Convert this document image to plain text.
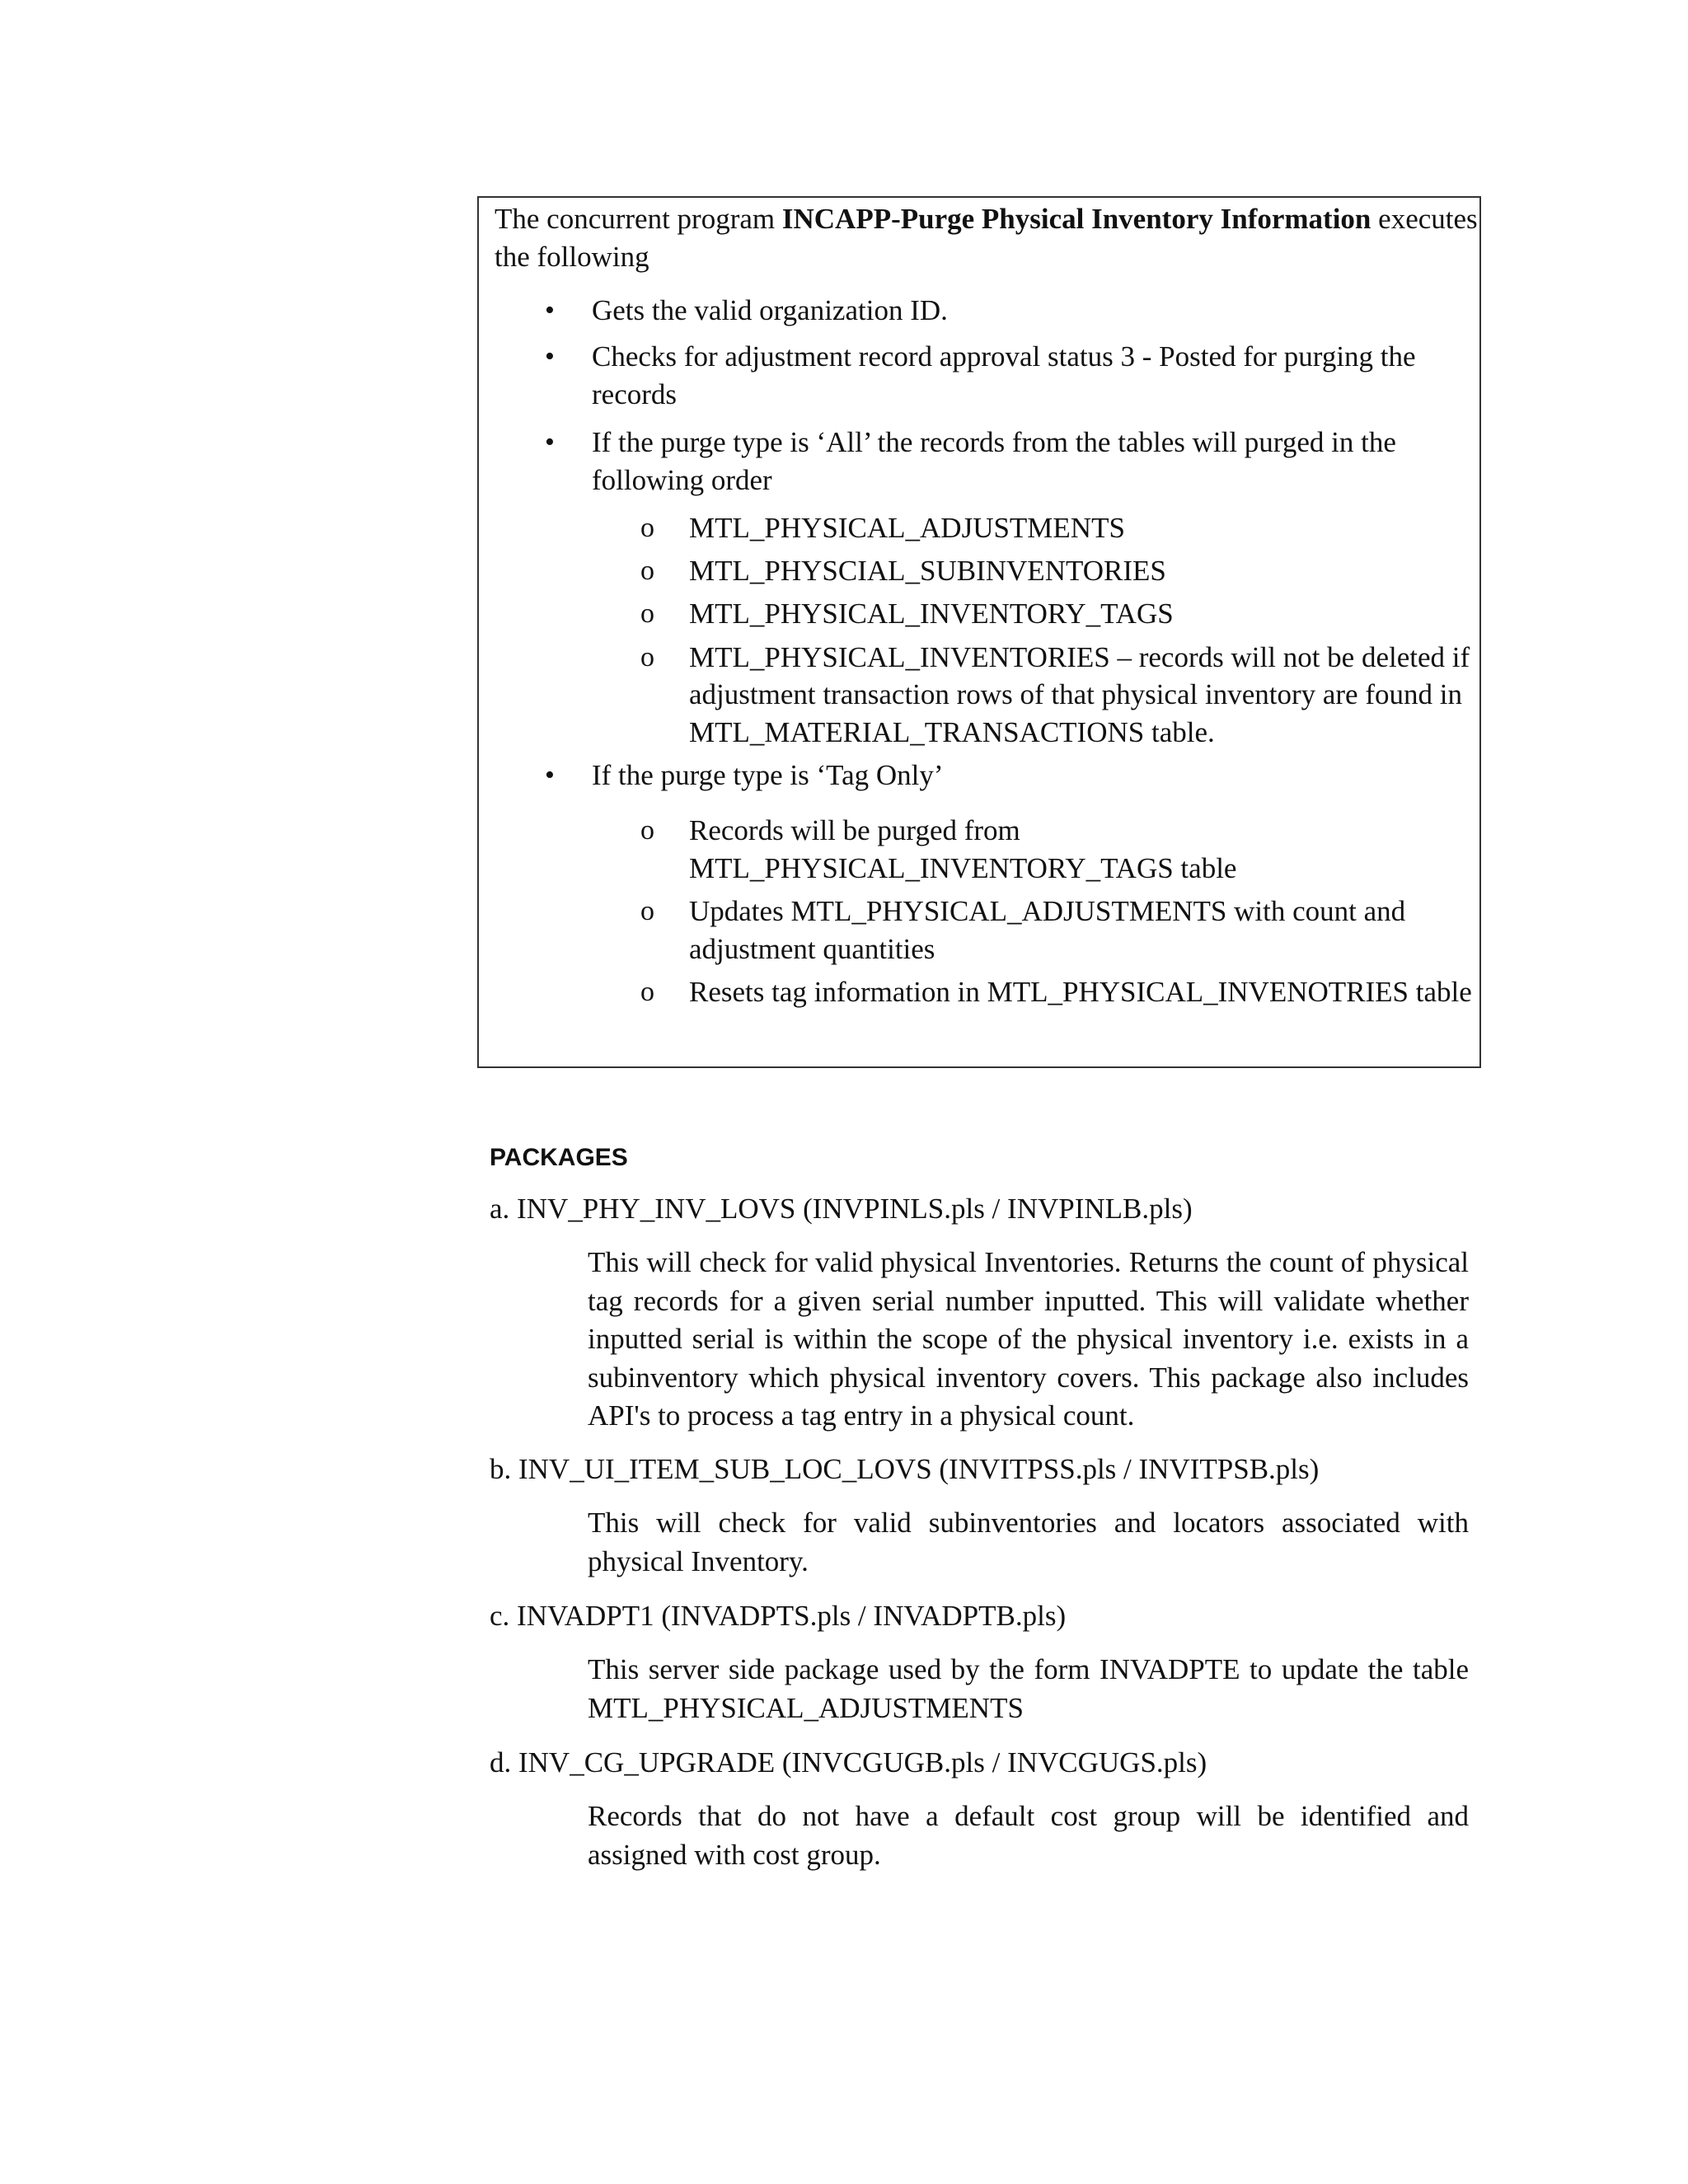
The concurrent program INCAPP-Purge Physical Inventory Information executes
the following
• Gets the valid organization ID.
• Checks for adjustment record approval status 3 - Posted for purging the
records
• If the purge type is ‘All’ the records from the tables will purged in the
following order
o MTL_PHYSICAL_ADJUSTMENTS
o MTL_PHYSCIAL_SUBINVENTORIES
o MTL_PHYSICAL_INVENTORY_TAGS
o MTL_PHYSICAL_INVENTORIES – records will not be deleted if
adjustment transaction rows of that physical inventory are found in
MTL_MATERIAL_TRANSACTIONS table.
• If the purge type is ‘Tag Only’
o Records will be purged from
MTL_PHYSICAL_INVENTORY_TAGS table
o Updates MTL_PHYSICAL_ADJUSTMENTS with count and
adjustment quantities
o Resets tag information in MTL_PHYSICAL_INVENOTRIES table
PACKAGES
a. INV_PHY_INV_LOVS (INVPINLS.pls / INVPINLB.pls)
This will check for valid physical Inventories. Returns the count of physical tag records for a given serial number inputted. This will validate whether inputted serial is within the scope of the physical inventory i.e. exists in a subinventory which physical inventory covers. This package also includes API's to process a tag entry in a physical count.
b. INV_UI_ITEM_SUB_LOC_LOVS (INVITPSS.pls / INVITPSB.pls)
This will check for valid subinventories and locators associated with physical Inventory.
c. INVADPT1 (INVADPTS.pls / INVADPTB.pls)
This server side package used by the form INVADPTE to update the table MTL_PHYSICAL_ADJUSTMENTS
d. INV_CG_UPGRADE (INVCGUGB.pls / INVCGUGS.pls)
Records that do not have a default cost group will be identified and assigned with cost group.
